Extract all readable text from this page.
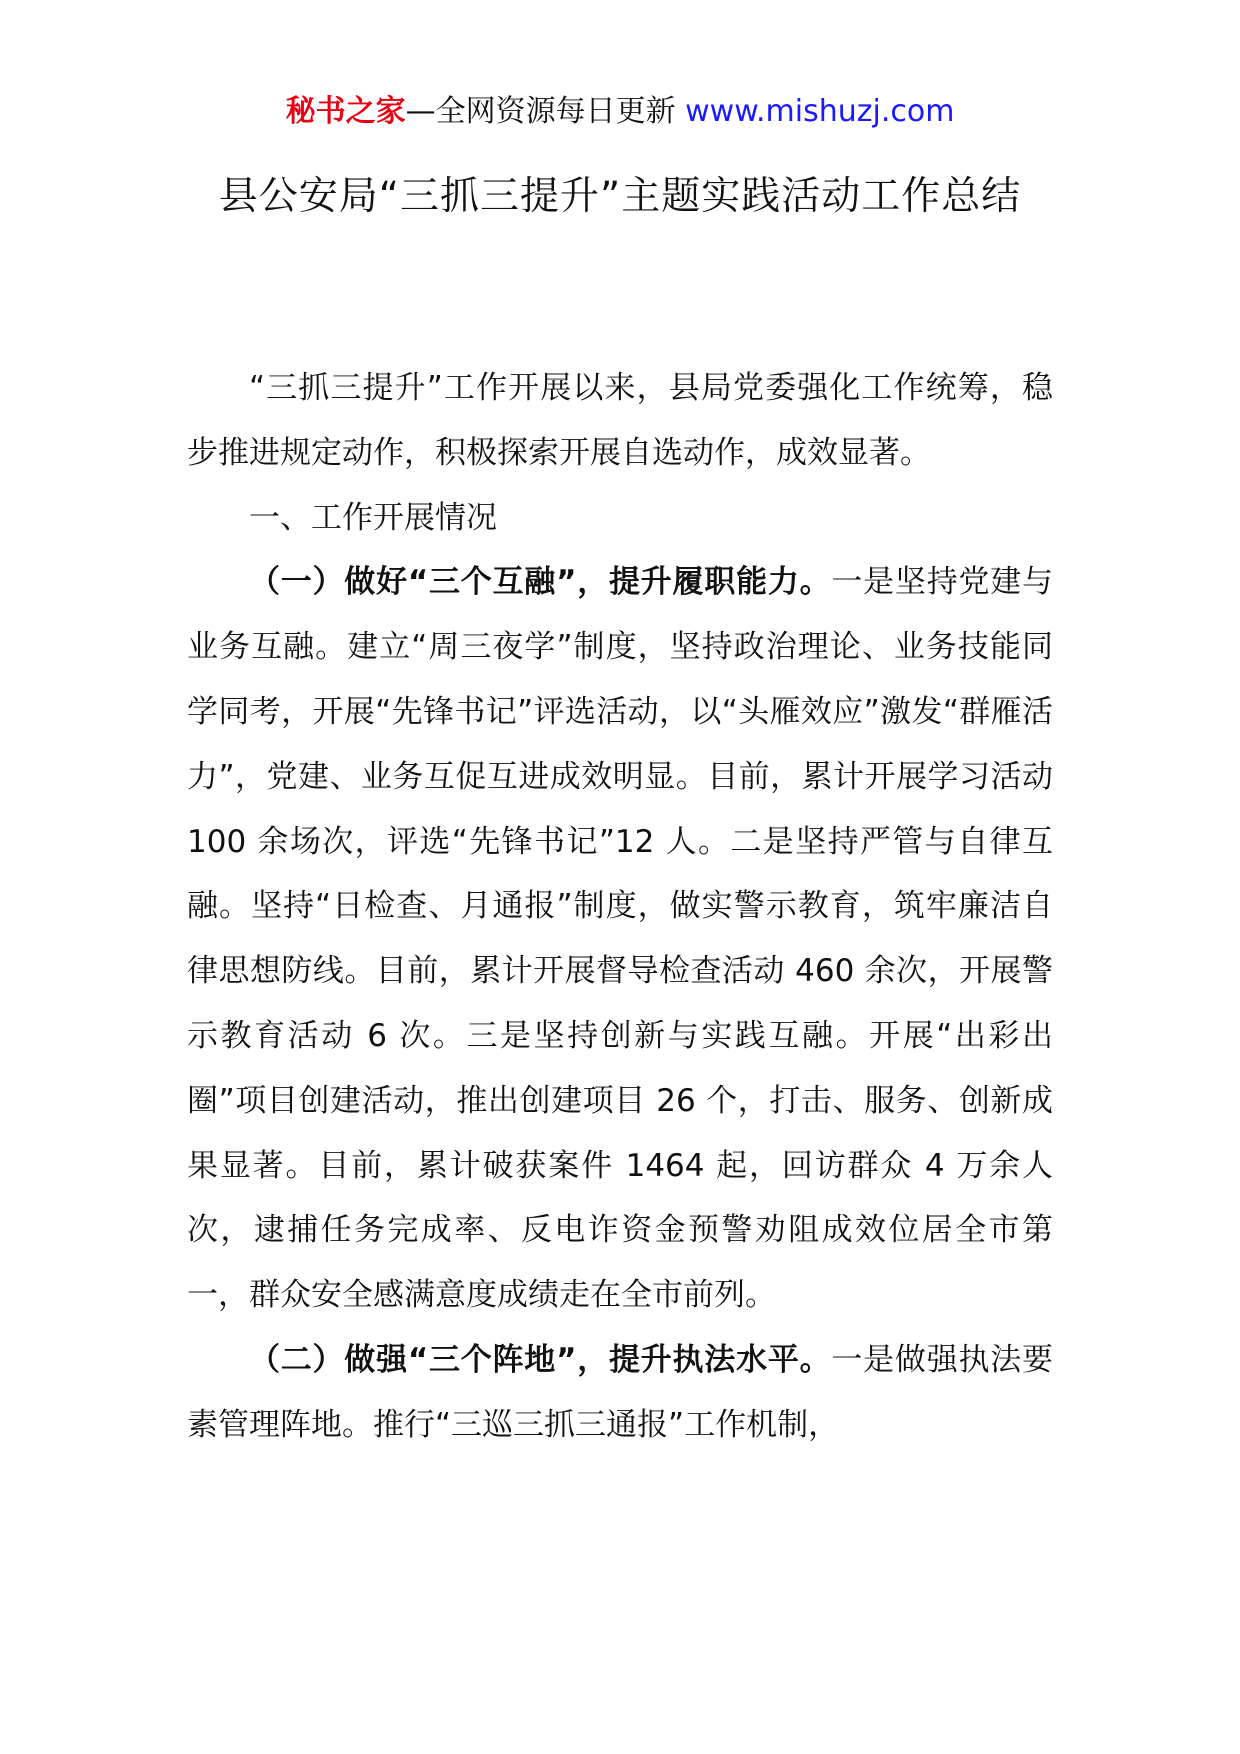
秘书之家—全网资源每日更新 www.mishuzj.com
县公安局“三抓三提升”主题实践活动工作总结

“三抓三提升”工作开展以来，县局党委强化工作统筹，稳步推进规定动作，积极探索开展自选动作，成效显著。

一、工作开展情况

（一）做好“三个互融”，提升履职能力。一是坚持党建与业务互融。建立“周三夜学”制度，坚持政治理论、业务技能同学同考，开展“先锋书记”评选活动，以“头雁效应”激发“群雁活力”，党建、业务互促互进成效明显。目前，累计开展学习活动 100 余场次，评选“先锋书记”12 人。二是坚持严管与自律互融。坚持“日检查、月通报”制度，做实警示教育，筑牢廉洁自律思想防线。目前，累计开展督导检查活动 460 余次，开展警示教育活动 6 次。三是坚持创新与实践互融。开展“出彩出圈”项目创建活动，推出创建项目 26 个，打击、服务、创新成果显著。目前，累计破获案件 1464 起，回访群众 4 万余人次，逮捕任务完成率、反电诈资金预警劝阻成效位居全市第一，群众安全感满意度成绩走在全市前列。

（二）做强“三个阵地”，提升执法水平。一是做强执法要素管理阵地。推行“三巡三抓三通报”工作机制，
